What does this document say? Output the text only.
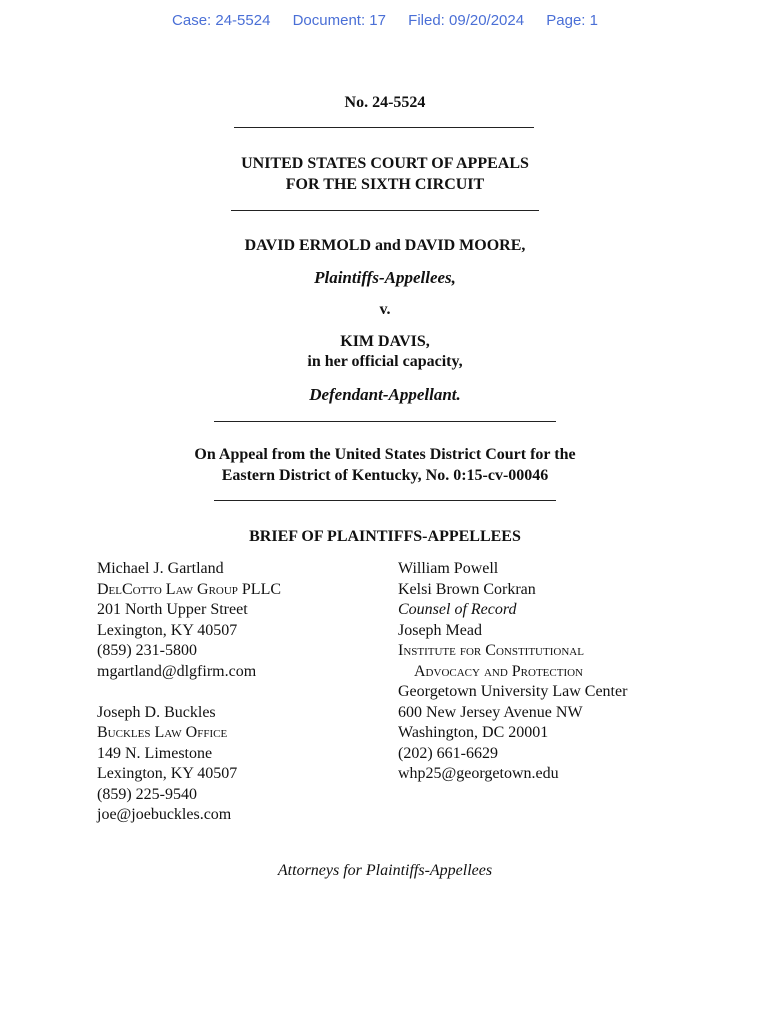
Case: 24-5524 Document: 17 Filed: 09/20/2024 Page: 1
No. 24-5524
UNITED STATES COURT OF APPEALS
FOR THE SIXTH CIRCUIT
DAVID ERMOLD and DAVID MOORE,
Plaintiffs-Appellees,
v.
KIM DAVIS,
in her official capacity,
Defendant-Appellant.
On Appeal from the United States District Court for the
Eastern District of Kentucky, No. 0:15-cv-00046
BRIEF OF PLAINTIFFS-APPELLEES
Michael J. Gartland
DelCotto Law Group PLLC
201 North Upper Street
Lexington, KY 40507
(859) 231-5800
mgartland@dlgfirm.com
Joseph D. Buckles
Buckles Law Office
149 N. Limestone
Lexington, KY 40507
(859) 225-9540
joe@joebuckles.com
William Powell
Kelsi Brown Corkran
Counsel of Record
Joseph Mead
Institute for Constitutional
Advocacy and Protection
Georgetown University Law Center
600 New Jersey Avenue NW
Washington, DC 20001
(202) 661-6629
whp25@georgetown.edu
Attorneys for Plaintiffs-Appellees
